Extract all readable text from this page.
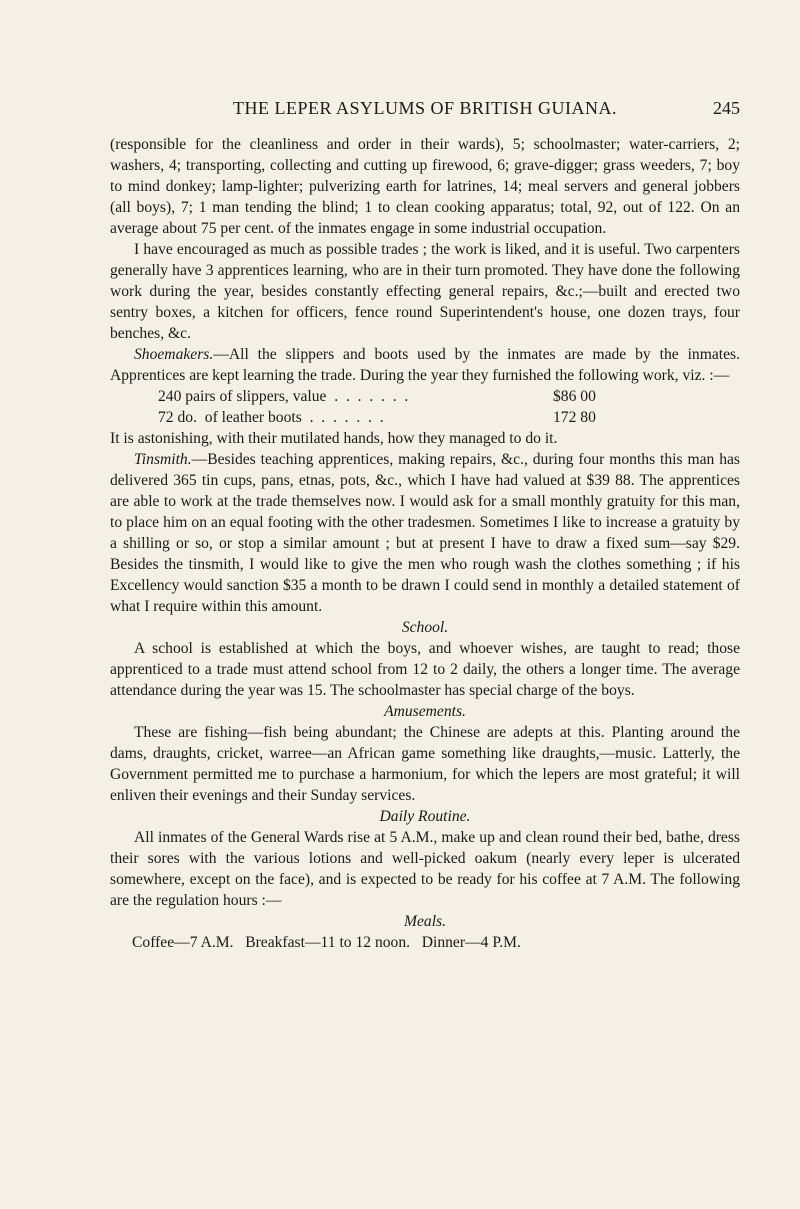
THE LEPER ASYLUMS OF BRITISH GUIANA.	245

(responsible for the cleanliness and order in their wards), 5; schoolmaster; water-carriers, 2; washers, 4; transporting, collecting and cutting up firewood, 6; grave-digger; grass weeders, 7; boy to mind donkey; lamp-lighter; pulverizing earth for latrines, 14; meal servers and general jobbers (all boys), 7; 1 man tending the blind; 1 to clean cooking apparatus; total, 92, out of 122. On an average about 75 per cent. of the inmates engage in some industrial occupation.

I have encouraged as much as possible trades ; the work is liked, and it is useful. Two carpenters generally have 3 apprentices learning, who are in their turn promoted. They have done the following work during the year, besides constantly effecting general repairs, &c.;—built and erected two sentry boxes, a kitchen for officers, fence round Superintendent's house, one dozen trays, four benches, &c.

Shoemakers.—All the slippers and boots used by the inmates are made by the inmates. Apprentices are kept learning the trade. During the year they furnished the following work, viz. :—

240 pairs of slippers, value  .  .  .  .  .  .  .	$86 00
72 do.  of leather boots  .  .  .  .  .  .  .	172 80

It is astonishing, with their mutilated hands, how they managed to do it.

Tinsmith.—Besides teaching apprentices, making repairs, &c., during four months this man has delivered 365 tin cups, pans, etnas, pots, &c., which I have had valued at $39 88. The apprentices are able to work at the trade themselves now. I would ask for a small monthly gratuity for this man, to place him on an equal footing with the other tradesmen. Sometimes I like to increase a gratuity by a shilling or so, or stop a similar amount ; but at present I have to draw a fixed sum—say $29. Besides the tinsmith, I would like to give the men who rough wash the clothes something ; if his Excellency would sanction $35 a month to be drawn I could send in monthly a detailed statement of what I require within this amount.

School.

A school is established at which the boys, and whoever wishes, are taught to read; those apprenticed to a trade must attend school from 12 to 2 daily, the others a longer time. The average attendance during the year was 15. The schoolmaster has special charge of the boys.

Amusements.

These are fishing—fish being abundant; the Chinese are adepts at this. Planting around the dams, draughts, cricket, warree—an African game something like draughts,—music. Latterly, the Government permitted me to purchase a harmonium, for which the lepers are most grateful; it will enliven their evenings and their Sunday services.

Daily Routine.

All inmates of the General Wards rise at 5 A.M., make up and clean round their bed, bathe, dress their sores with the various lotions and well-picked oakum (nearly every leper is ulcerated somewhere, except on the face), and is expected to be ready for his coffee at 7 A.M. The following are the regulation hours :—

Meals.

Coffee—7 A.M.   Breakfast—11 to 12 noon.   Dinner—4 P.M.
